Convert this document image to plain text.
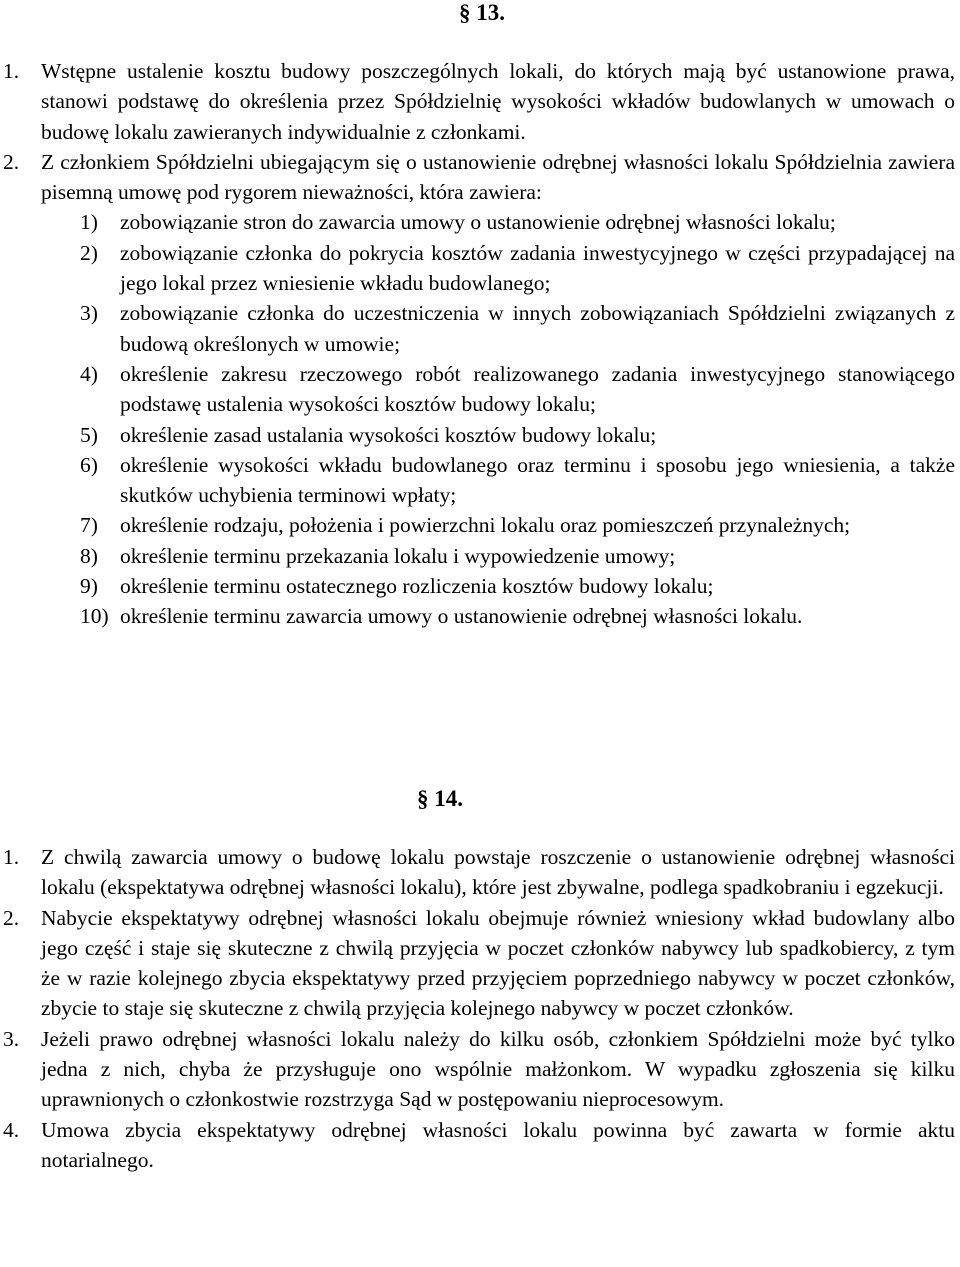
§ 13.
1. Wstępne ustalenie kosztu budowy poszczególnych lokali, do których mają być ustanowione prawa, stanowi podstawę do określenia przez Spółdzielnię wysokości wkładów budowlanych w umowach o budowę lokalu zawieranych indywidualnie z członkami.
2. Z członkiem Spółdzielni ubiegającym się o ustanowienie odrębnej własności lokalu Spółdzielnia zawiera pisemną umowę pod rygorem nieważności, która zawiera:
1) zobowiązanie stron do zawarcia umowy o ustanowienie odrębnej własności lokalu;
2) zobowiązanie członka do pokrycia kosztów zadania inwestycyjnego w części przypadającej na jego lokal przez wniesienie wkładu budowlanego;
3) zobowiązanie członka do uczestniczenia w innych zobowiązaniach Spółdzielni związanych z budową określonych w umowie;
4) określenie zakresu rzeczowego robót realizowanego zadania inwestycyjnego stanowiącego podstawę ustalenia wysokości kosztów budowy lokalu;
5) określenie zasad ustalania wysokości kosztów budowy lokalu;
6) określenie wysokości wkładu budowlanego oraz terminu i sposobu jego wniesienia, a także skutków uchybienia terminowi wpłaty;
7) określenie rodzaju, położenia i powierzchni lokalu oraz pomieszczeń przynależnych;
8) określenie terminu przekazania lokalu i wypowiedzenie umowy;
9) określenie terminu ostatecznego rozliczenia kosztów budowy lokalu;
10) określenie terminu zawarcia umowy o ustanowienie odrębnej własności lokalu.
§ 14.
1. Z chwilą zawarcia umowy o budowę lokalu powstaje roszczenie o ustanowienie odrębnej własności lokalu (ekspektatywa odrębnej własności lokalu), które jest zbywalne, podlega spadkobraniu i egzekucji.
2. Nabycie ekspektatywy odrębnej własności lokalu obejmuje również wniesiony wkład budowlany albo jego część i staje się skuteczne z chwilą przyjęcia w poczet członków nabywcy lub spadkobiercy, z tym że w razie kolejnego zbycia ekspektatywy przed przyjęciem poprzedniego nabywcy w poczet członków, zbycie to staje się skuteczne z chwilą przyjęcia kolejnego nabywcy w poczet członków.
3. Jeżeli prawo odrębnej własności lokalu należy do kilku osób, członkiem Spółdzielni może być tylko jedna z nich, chyba że przysługuje ono wspólnie małżonkom. W wypadku zgłoszenia się kilku uprawnionych o członkostwie rozstrzyga Sąd w postępowaniu nieprocesowym.
4. Umowa zbycia ekspektatywy odrębnej własności lokalu powinna być zawarta w formie aktu notarialnego.
